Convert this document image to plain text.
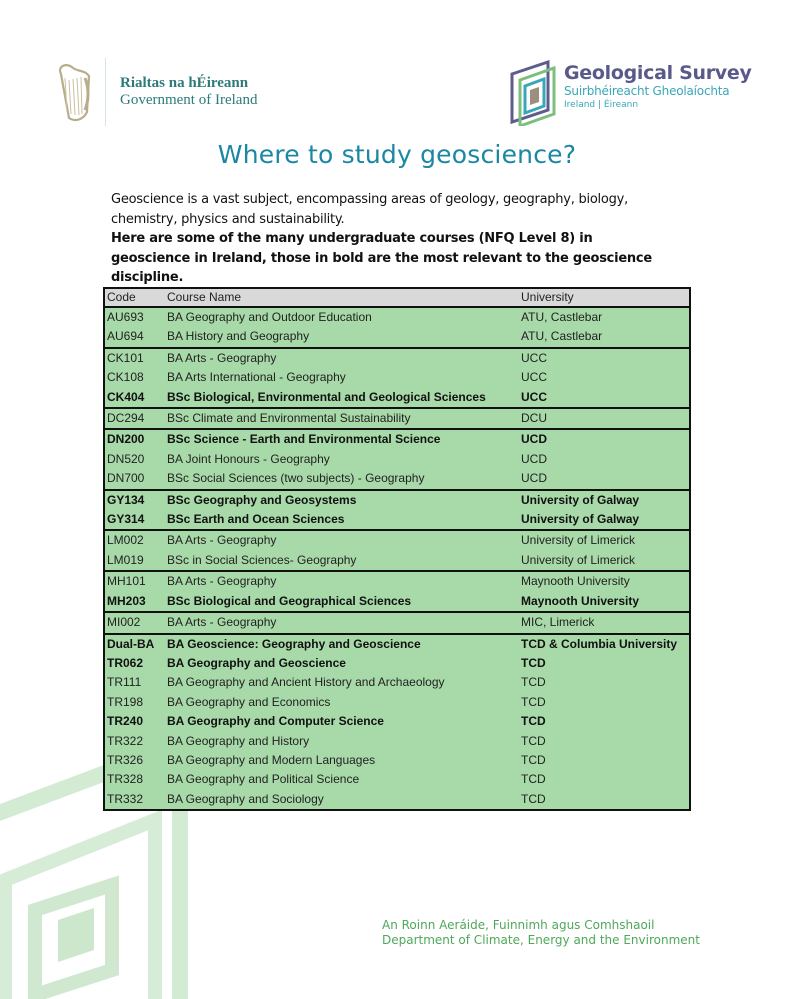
Rialtas na hÉireann
Government of Ireland
Geological Survey
Suirbhéireacht Gheolaíochta
Ireland | Éireann
Where to study geoscience?
Geoscience is a vast subject, encompassing areas of geology, geography, biology, chemistry, physics and sustainability.
Here are some of the many undergraduate courses (NFQ Level 8) in geoscience in Ireland, those in bold are the most relevant to the geoscience discipline.
Code	Course Name	University
AU693	BA Geography and Outdoor Education	ATU, Castlebar
AU694	BA History and Geography	ATU, Castlebar
CK101	BA Arts - Geography	UCC
CK108	BA Arts International - Geography	UCC
CK404	BSc Biological, Environmental and Geological Sciences	UCC
DC294	BSc Climate and Environmental Sustainability	DCU
DN200	BSc Science - Earth and Environmental Science	UCD
DN520	BA Joint Honours - Geography	UCD
DN700	BSc Social Sciences (two subjects) - Geography	UCD
GY134	BSc Geography and Geosystems	University of Galway
GY314	BSc Earth and Ocean Sciences	University of Galway
LM002	BA Arts - Geography	University of Limerick
LM019	BSc in Social Sciences- Geography	University of Limerick
MH101	BA Arts - Geography	Maynooth University
MH203	BSc Biological and Geographical Sciences	Maynooth University
MI002	BA Arts - Geography	MIC, Limerick
Dual-BA	BA Geoscience: Geography and Geoscience	TCD & Columbia University
TR062	BA Geography and Geoscience	TCD
TR111	BA Geography and Ancient History and Archaeology	TCD
TR198	BA Geography and Economics	TCD
TR240	BA Geography and Computer Science	TCD
TR322	BA Geography and History	TCD
TR326	BA Geography and Modern Languages	TCD
TR328	BA Geography and Political Science	TCD
TR332	BA Geography and Sociology	TCD
An Roinn Aeráide, Fuinnimh agus Comhshaoil
Department of Climate, Energy and the Environment
